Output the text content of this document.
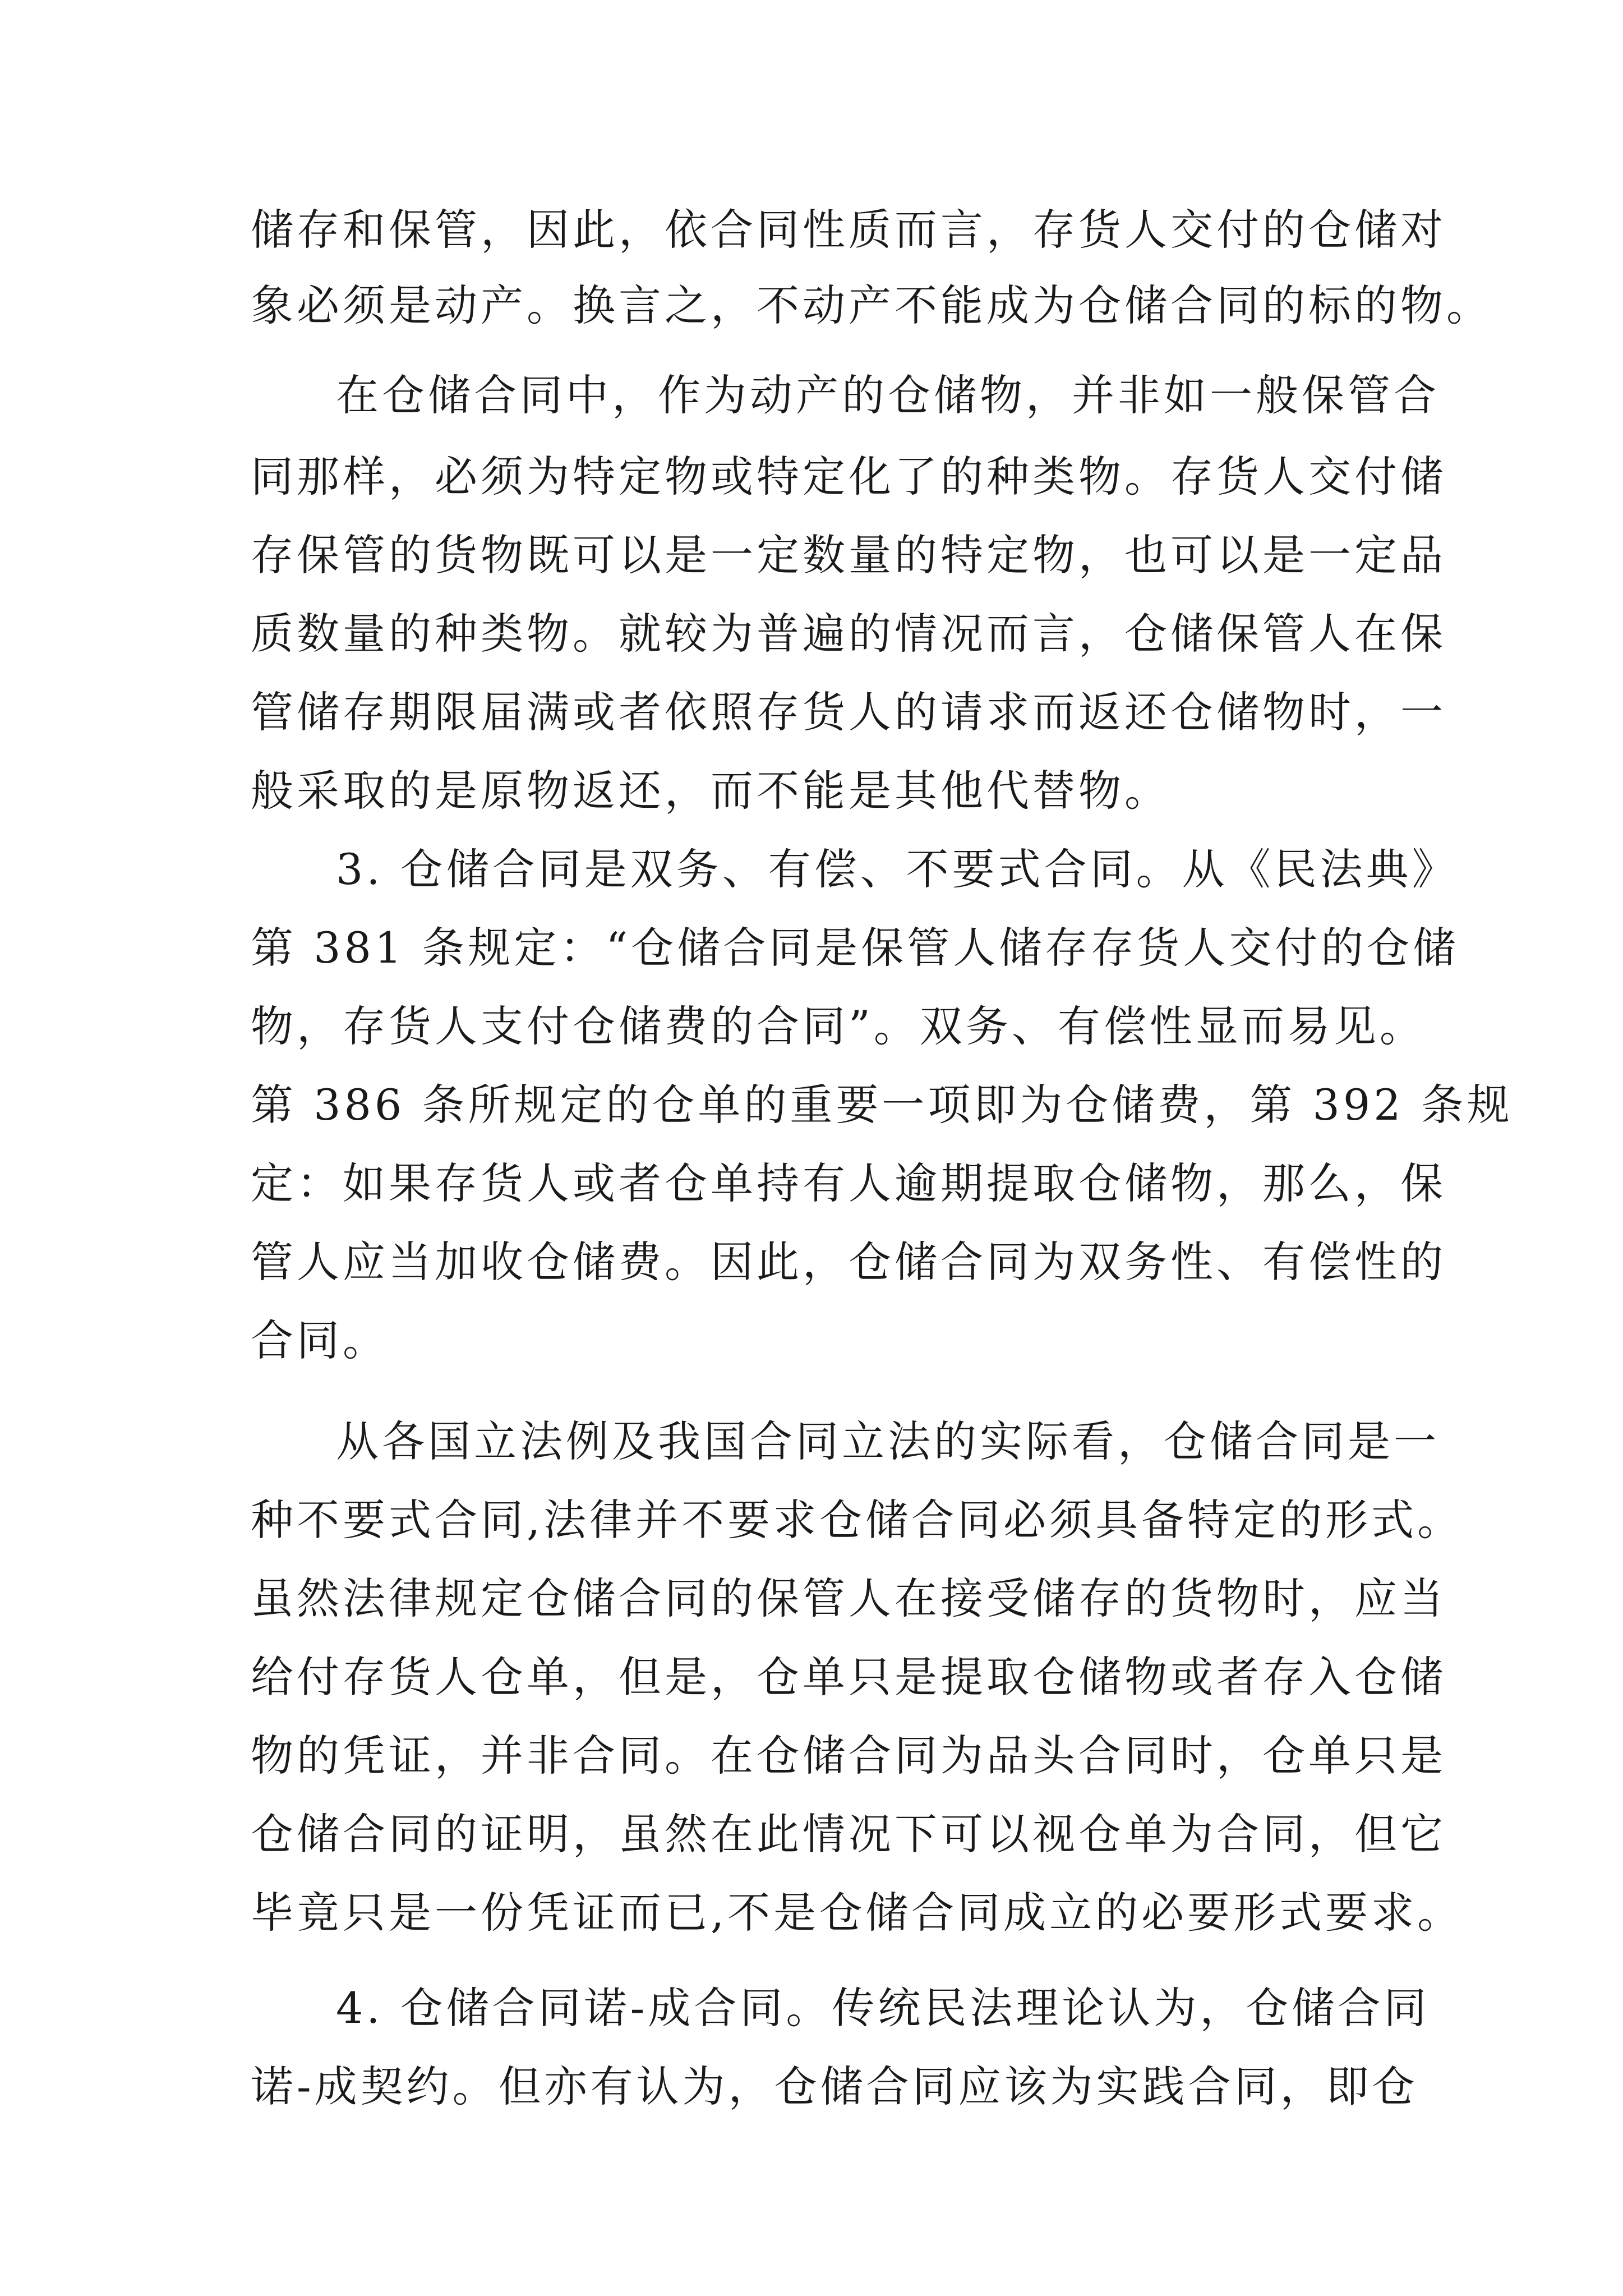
储存和保管，因此，依合同性质而言，存货人交付的仓储对
象必须是动产。换言之，不动产不能成为仓储合同的标的物。
在仓储合同中，作为动产的仓储物，并非如一般保管合
同那样，必须为特定物或特定化了的种类物。存货人交付储
存保管的货物既可以是一定数量的特定物，也可以是一定品
质数量的种类物。就较为普遍的情况而言，仓储保管人在保
管储存期限届满或者依照存货人的请求而返还仓储物时，一
般采取的是原物返还，而不能是其他代替物。
3. 仓储合同是双务、有偿、不要式合同。从《民法典》
第 381 条规定：“仓储合同是保管人储存存货人交付的仓储
物，存货人支付仓储费的合同”。双务、有偿性显而易见。
第 386 条所规定的仓单的重要一项即为仓储费，第 392 条规
定：如果存货人或者仓单持有人逾期提取仓储物，那么，保
管人应当加收仓储费。因此，仓储合同为双务性、有偿性的
合同。
从各国立法例及我国合同立法的实际看，仓储合同是一
种不要式合同,法律并不要求仓储合同必须具备特定的形式。
虽然法律规定仓储合同的保管人在接受储存的货物时，应当
给付存货人仓单，但是，仓单只是提取仓储物或者存入仓储
物的凭证，并非合同。在仓储合同为品头合同时，仓单只是
仓储合同的证明，虽然在此情况下可以视仓单为合同，但它
毕竟只是一份凭证而已,不是仓储合同成立的必要形式要求。
4. 仓储合同诺-成合同。传统民法理论认为，仓储合同
诺-成契约。但亦有认为，仓储合同应该为实践合同，即仓
